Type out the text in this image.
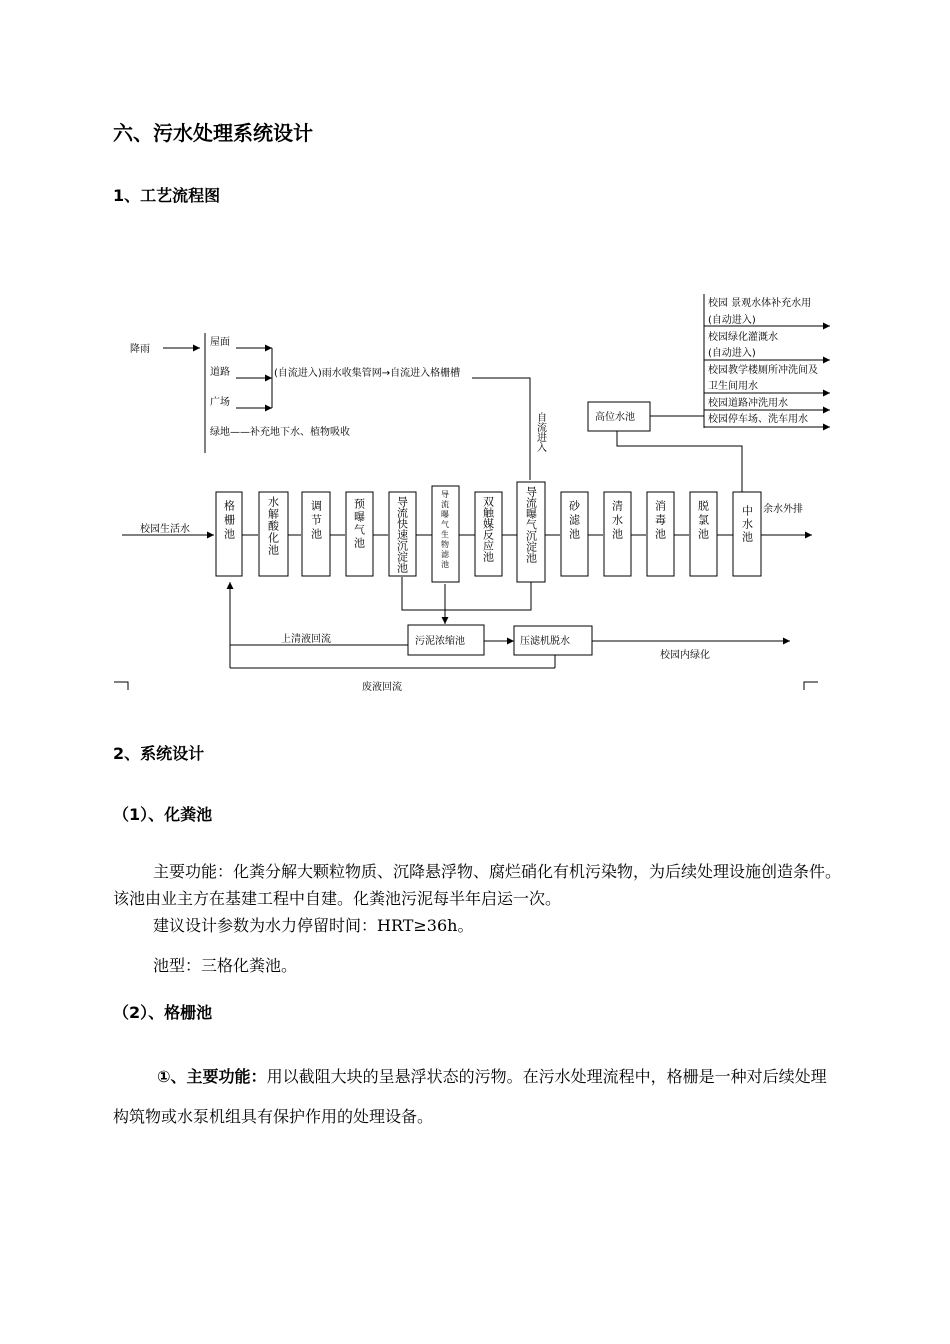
六、污水处理系统设计
1、工艺流程图
降雨
屋面
道路
广场
绿地——补充地下水、植物吸收
(自流进入)雨水收集管网→自流进入格栅槽
自流进入
校园生活水	格栅池	水解酸化池	调节池	预曝气池	导流快速沉淀池	导流曝气生物滤池	双触媒反应池	导流曝气沉淀池	砂滤池	清水池	消毒池	脱氯池	中水池 余水外排
高位水池
校园 景观水体补充水用
(自动进入)
校园绿化灌溉水
(自动进入)
校园教学楼厕所冲洗间及
卫生间用水
校园道路冲洗用水
校园停车场、洗车用水
污泥浓缩池	压滤机脱水
上清液回流
废液回流
校园内绿化
2、系统设计
（1）、化粪池
主要功能：化粪分解大颗粒物质、沉降悬浮物、腐烂硝化有机污染物，为后续处理设施创造条件。该池由业主方在基建工程中自建。化粪池污泥每半年启运一次。
建议设计参数为水力停留时间：HRT≥36h。
池型：三格化粪池。
（2）、格栅池
①、主要功能：用以截阻大块的呈悬浮状态的污物。在污水处理流程中，格栅是一种对后续处理构筑物或水泵机组具有保护作用的处理设备。
